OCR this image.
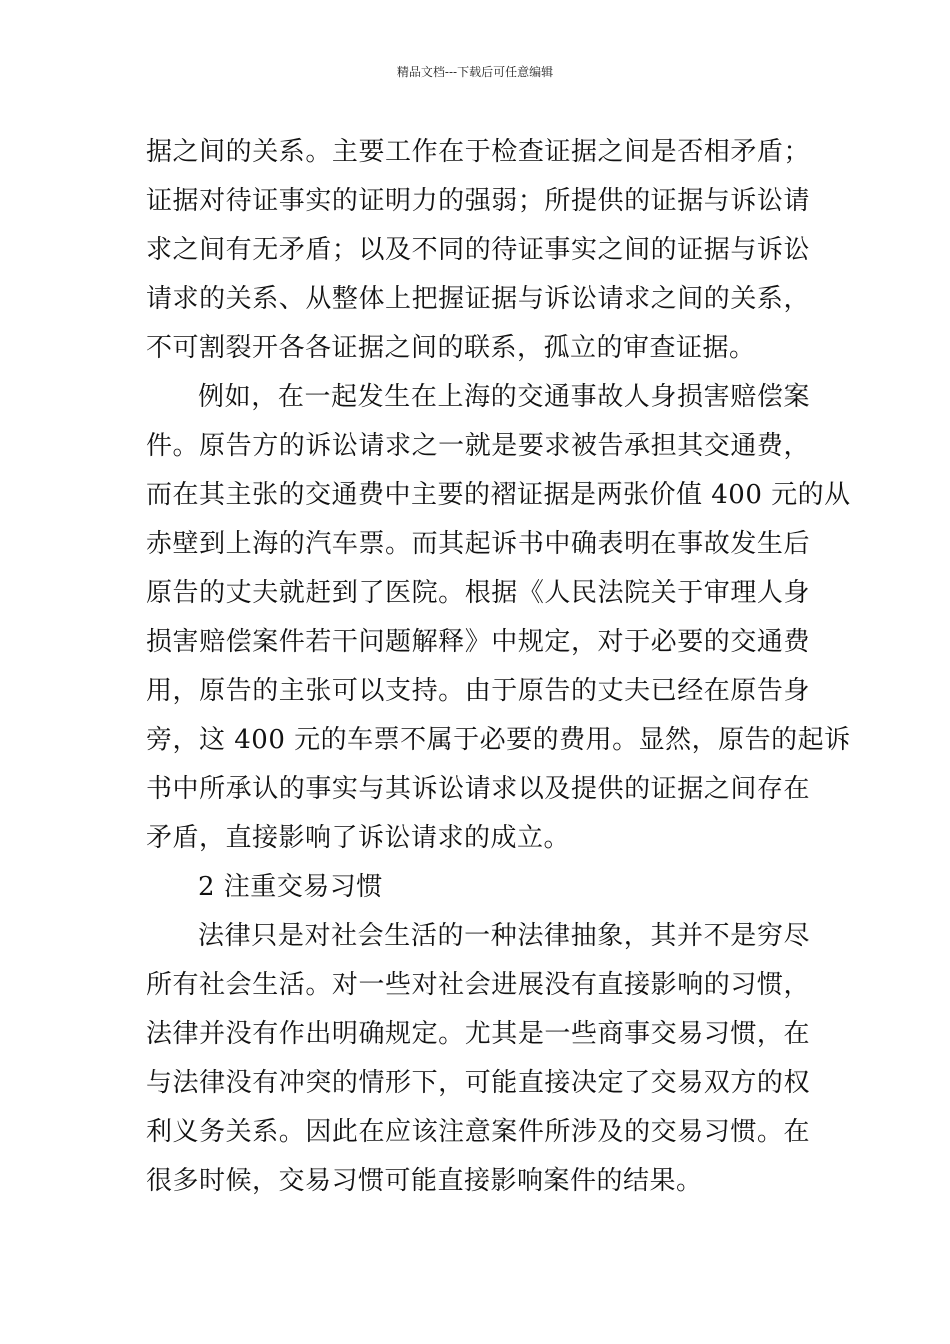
精品文档---下载后可任意编辑
据之间的关系。主要工作在于检查证据之间是否相矛盾；
证据对待证事实的证明力的强弱；所提供的证据与诉讼请
求之间有无矛盾；以及不同的待证事实之间的证据与诉讼
请求的关系、从整体上把握证据与诉讼请求之间的关系，
不可割裂开各各证据之间的联系，孤立的审查证据。
例如，在一起发生在上海的交通事故人身损害赔偿案
件。原告方的诉讼请求之一就是要求被告承担其交通费，
而在其主张的交通费中主要的褶证据是两张价值 400 元的从
赤壁到上海的汽车票。而其起诉书中确表明在事故发生后
原告的丈夫就赶到了医院。根据《人民法院关于审理人身
损害赔偿案件若干问题解释》中规定，对于必要的交通费
用，原告的主张可以支持。由于原告的丈夫已经在原告身
旁，这 400 元的车票不属于必要的费用。显然，原告的起诉
书中所承认的事实与其诉讼请求以及提供的证据之间存在
矛盾，直接影响了诉讼请求的成立。
2 注重交易习惯
法律只是对社会生活的一种法律抽象，其并不是穷尽
所有社会生活。对一些对社会进展没有直接影响的习惯，
法律并没有作出明确规定。尤其是一些商事交易习惯，在
与法律没有冲突的情形下，可能直接决定了交易双方的权
利义务关系。因此在应该注意案件所涉及的交易习惯。在
很多时候，交易习惯可能直接影响案件的结果。
